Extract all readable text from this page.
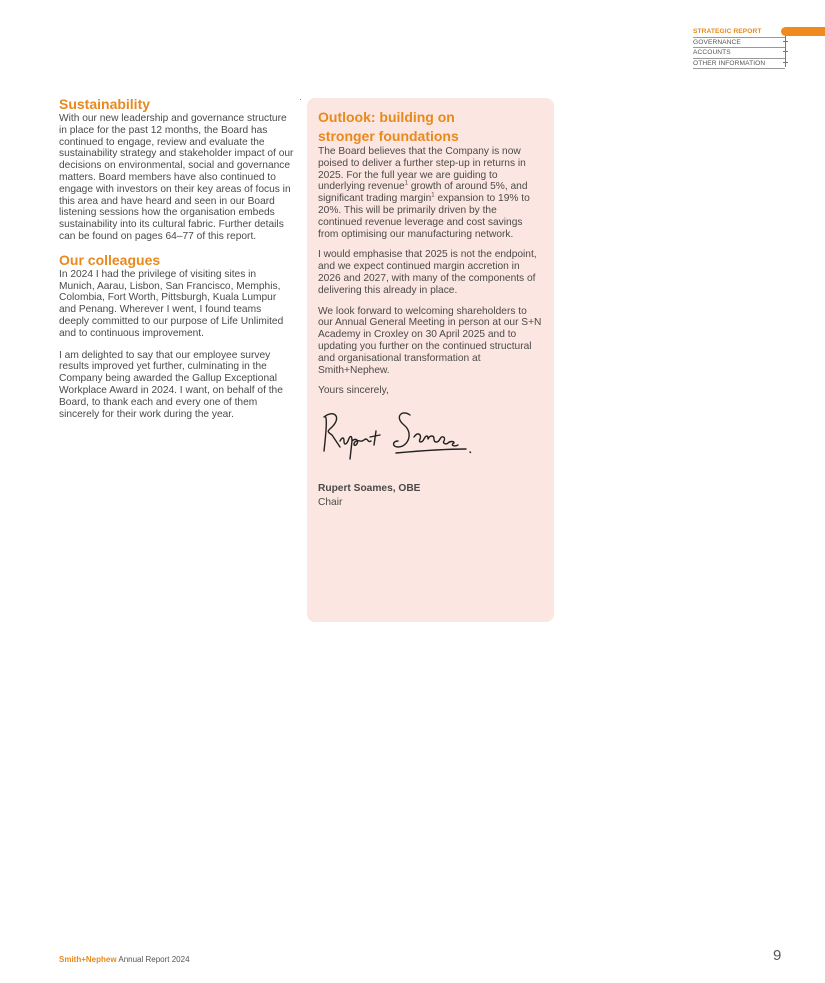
STRATEGIC REPORT
GOVERNANCE
ACCOUNTS
OTHER INFORMATION
Sustainability

With our new leadership and governance structure in place for the past 12 months, the Board has continued to engage, review and evaluate the sustainability strategy and stakeholder impact of our decisions on environmental, social and governance matters. Board members have also continued to engage with investors on their key areas of focus in this area and have heard and seen in our Board listening sessions how the organisation embeds sustainability into its cultural fabric. Further details can be found on pages 64–77 of this report.

Our colleagues

In 2024 I had the privilege of visiting sites in Munich, Aarau, Lisbon, San Francisco, Memphis, Colombia, Fort Worth, Pittsburgh, Kuala Lumpur and Penang. Wherever I went, I found teams deeply committed to our purpose of Life Unlimited and to continuous improvement.

I am delighted to say that our employee survey results improved yet further, culminating in the Company being awarded the Gallup Exceptional Workplace Award in 2024. I want, on behalf of the Board, to thank each and every one of them sincerely for their work during the year.

Outlook: building on
stronger foundations

The Board believes that the Company is now poised to deliver a further step-up in returns in 2025. For the full year we are guiding to underlying revenue$^1$ growth of around 5%, and significant trading margin$^1$ expansion to 19% to 20%. This will be primarily driven by the continued revenue leverage and cost savings from optimising our manufacturing network.

I would emphasise that 2025 is not the endpoint, and we expect continued margin accretion in 2026 and 2027, with many of the components of delivering this already in place.

We look forward to welcoming shareholders to our Annual General Meeting in person at our S+N Academy in Croxley on 30 April 2025 and to updating you further on the continued structural and organisational transformation at Smith+Nephew.

Yours sincerely,

Rupert Soames, OBE

Chair

Smith+Nephew Annual Report 2024	9
